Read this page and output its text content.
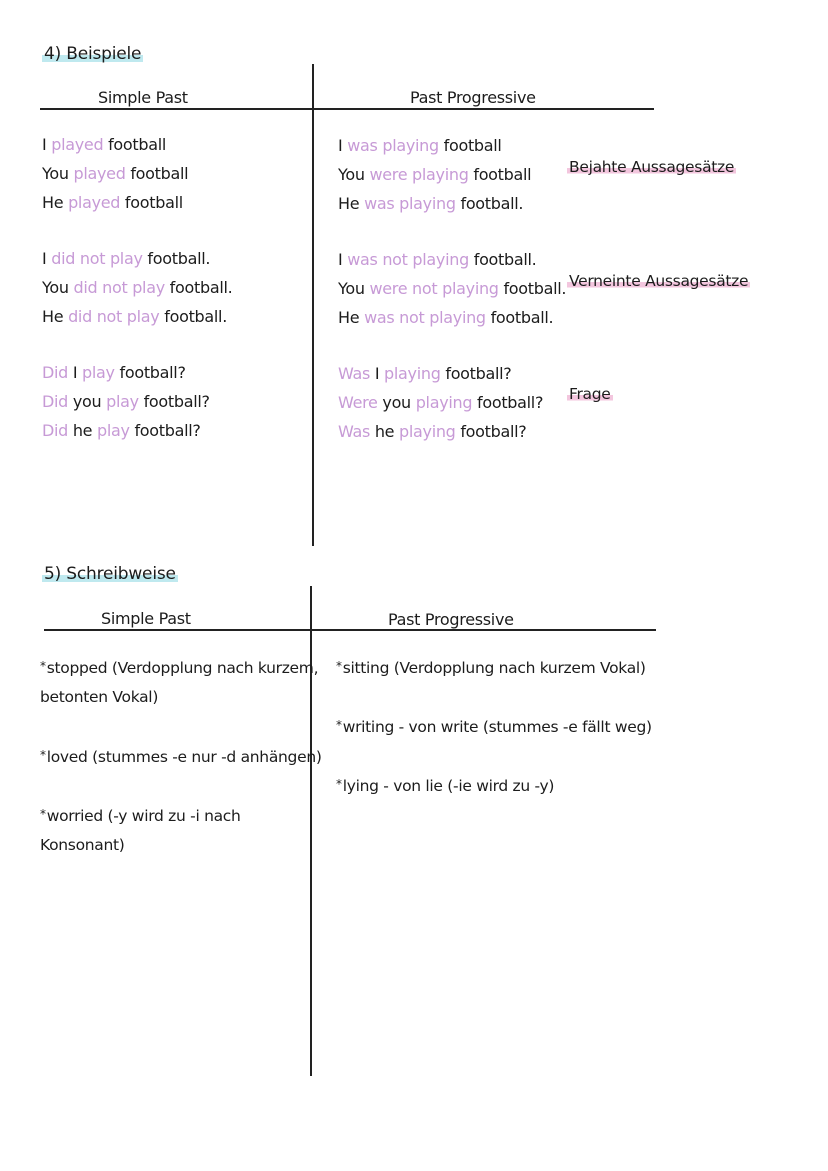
4) Beispiele
Simple Past	Past Progressive
I played football
You played football
He played football
I did not play football.
You did not play football.
He did not play football.
Did I play football?
Did you play football?
Did he play football?
I was playing football
You were playing football
He was playing football.
I was not playing football.
You were not playing football.
He was not playing football.
Was I playing football?
Were you playing football?
Was he playing football?
Bejahte Aussagesätze
Verneinte Aussagesätze
Frage
5) Schreibweise
Simple Past	Past Progressive
*stopped (Verdopplung nach kurzem,
betonten Vokal)
*loved (stummes -e nur -d anhängen)
*worried (-y wird zu -i nach
Konsonant)
*sitting (Verdopplung nach kurzem Vokal)
*writing - von write (stummes -e fällt weg)
*lying - von lie (-ie wird zu -y)
